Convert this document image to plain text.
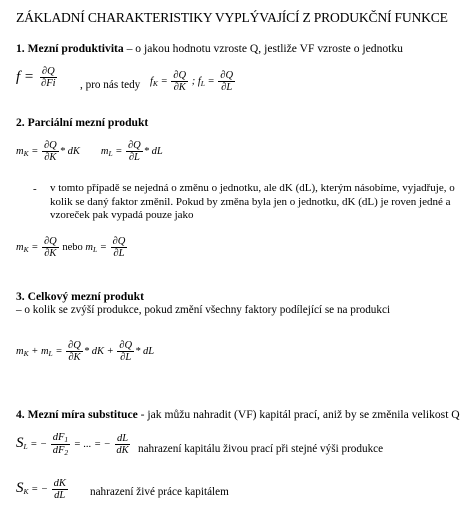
ZÁKLADNÍ CHARAKTERISTIKY VYPLÝVAJÍCÍ Z PRODUKČNÍ FUNKCE
1. Mezní produktivita – o jakou hodnotu vzroste Q, jestliže VF vzroste o jednotku
$f = \frac{\partial Q}{\partial Fi}$ , pro nás tedy $f_K = \frac{\partial Q}{\partial K}$ ; $f_L = \frac{\partial Q}{\partial L}$
2. Parciální mezní produkt
$m_K = \frac{\partial Q}{\partial K}$ * dK $m_L = \frac{\partial Q}{\partial L}$ * dL
- v tomto případě se nejedná o změnu o jednotku, ale dK (dL), kterým násobíme, vyjadřuje, o kolik se daný faktor změnil. Pokud by změna byla jen o jednotku, dK (dL) je roven jedné a vzoreček pak vypadá pouze jako
$m_K = \frac{\partial Q}{\partial K}$ nebo $m_L = \frac{\partial Q}{\partial L}$
3. Celkový mezní produkt
– o kolik se zvýší produkce, pokud změní všechny faktory podílející se na produkci
$m_K + m_L = \frac{\partial Q}{\partial K}$ * dK + $\frac{\partial Q}{\partial L}$ * dL
4. Mezní míra substituce - jak můžu nahradit (VF) kapitál prací, aniž by se změnila velikost Q
$S_L$ = − $\frac{dF_1}{dF_2}$ = ... = − $\frac{dL}{dK}$ nahrazení kapitálu živou prací při stejné výši produkce
$S_K$ = − $\frac{dK}{dL}$ nahrazení živé práce kapitálem
